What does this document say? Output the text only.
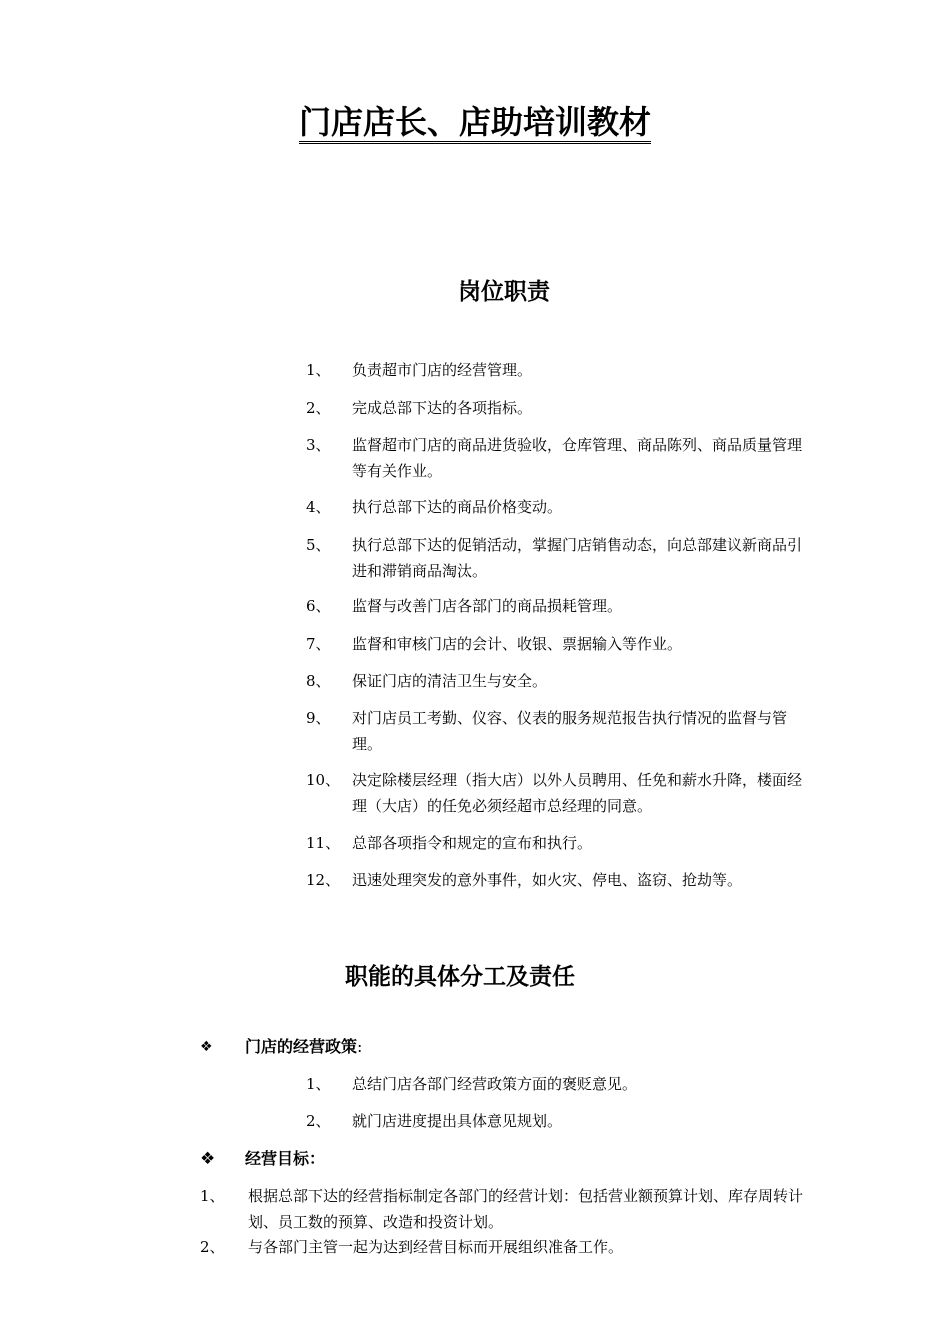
门店店长、店助培训教材
岗位职责
1、 负责超市门店的经营管理。
2、 完成总部下达的各项指标。
3、 监督超市门店的商品进货验收，仓库管理、商品陈列、商品质量管理等有关作业。
4、 执行总部下达的商品价格变动。
5、 执行总部下达的促销活动，掌握门店销售动态，向总部建议新商品引进和滞销商品淘汰。
6、 监督与改善门店各部门的商品损耗管理。
7、 监督和审核门店的会计、收银、票据输入等作业。
8、 保证门店的清洁卫生与安全。
9、 对门店员工考勤、仪容、仪表的服务规范报告执行情况的监督与管理。
10、 决定除楼层经理（指大店）以外人员聘用、任免和薪水升降，楼面经理（大店）的任免必须经超市总经理的同意。
11、 总部各项指令和规定的宣布和执行。
12、 迅速处理突发的意外事件，如火灾、停电、盗窃、抢劫等。
职能的具体分工及责任
❖ 门店的经营政策:
1、 总结门店各部门经营政策方面的褒贬意见。
2、 就门店进度提出具体意见规划。
❖ 经营目标：
1、 根据总部下达的经营指标制定各部门的经营计划：包括营业额预算计划、库存周转计划、员工数的预算、改造和投资计划。
2、 与各部门主管一起为达到经营目标而开展组织准备工作。
